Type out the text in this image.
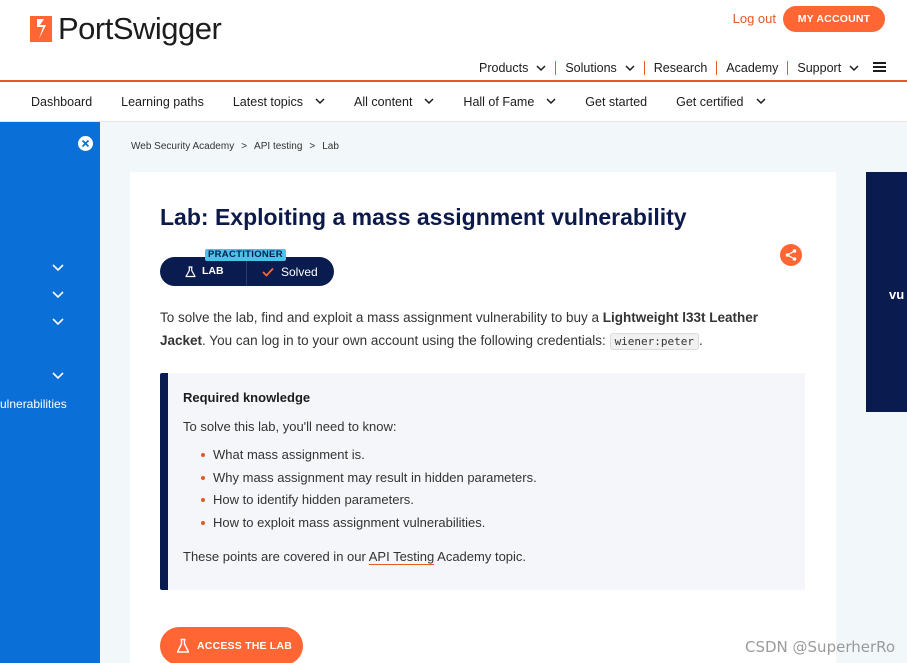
PortSwigger	Log out	MY ACCOUNT
Products	Solutions	Research Academy Support
Dashboard Learning paths Latest topics	All content	Hall of Fame	Get started Get certified
ulnerabilities
Web Security Academy > API testing > Lab
Lab: Exploiting a mass assignment vulnerability
PRACTITIONER
LAB	Solved

To solve the lab, find and exploit a mass assignment vulnerability to buy a Lightweight l33t Leather Jacket. You can log in to your own account using the following credentials: wiener:peter .

Required knowledge
To solve this lab, you'll need to know:
What mass assignment is.
Why mass assignment may result in hidden parameters.
How to identify hidden parameters.
How to exploit mass assignment vulnerabilities.
These points are covered in our API Testing Academy topic.
ACCESS THE LAB
vu
CSDN @SuperherRo
